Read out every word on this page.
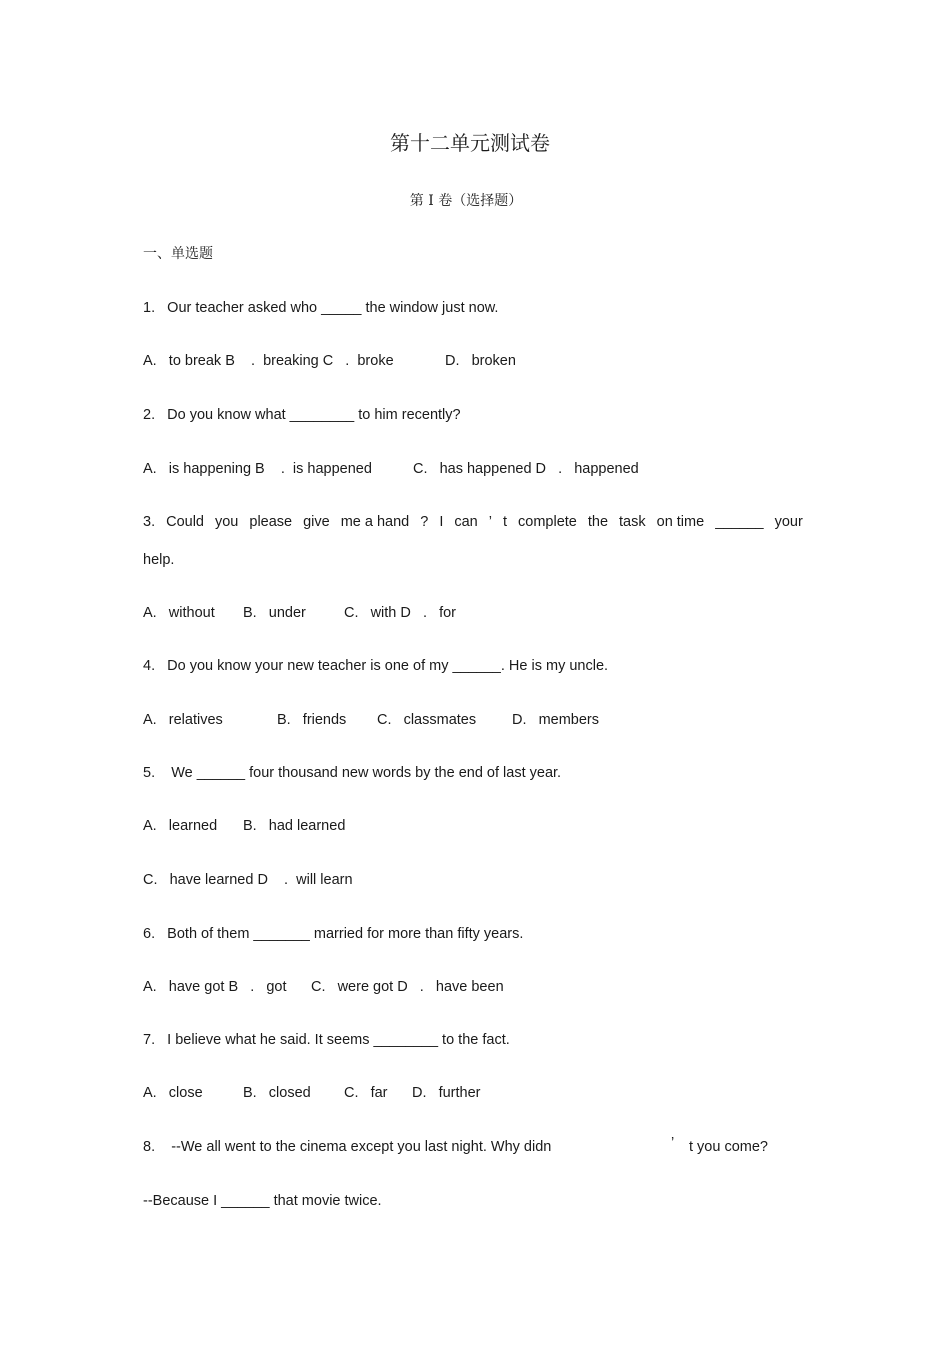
第十二单元测试卷
第 I 卷（选择题）
一、单选题
1.   Our teacher asked who _____ the window just now.
A.   to break B    .  breaking C   .  broke	D.   broken
2.   Do you know what ________ to him recently?
A.   is happening B    .  is happened	C.   has happened D   .   happened
3. Could you please give me a hand ? I can ’ t complete the task on time ______ your
help.
A.   without B.   under	C.   with D   .   for
4.   Do you know your new teacher is one of my ______. He is my uncle.
A.   relatives	B.   friends C.   classmates D.   members
5.    We ______ four thousand new words by the end of last year.
A.   learned B.   had learned
C.   have learned D    .  will learn
6.   Both of them _______ married for more than fifty years.
A.   have got B   .   got C.   were got D   .   have been
7.   I believe what he said. It seems ________ to the fact.
A.   close	B.   closed C.   far D.   further
8.    --We all went to the cinema except you last night. Why didn	’ t you come?
--Because I ______ that movie twice.
